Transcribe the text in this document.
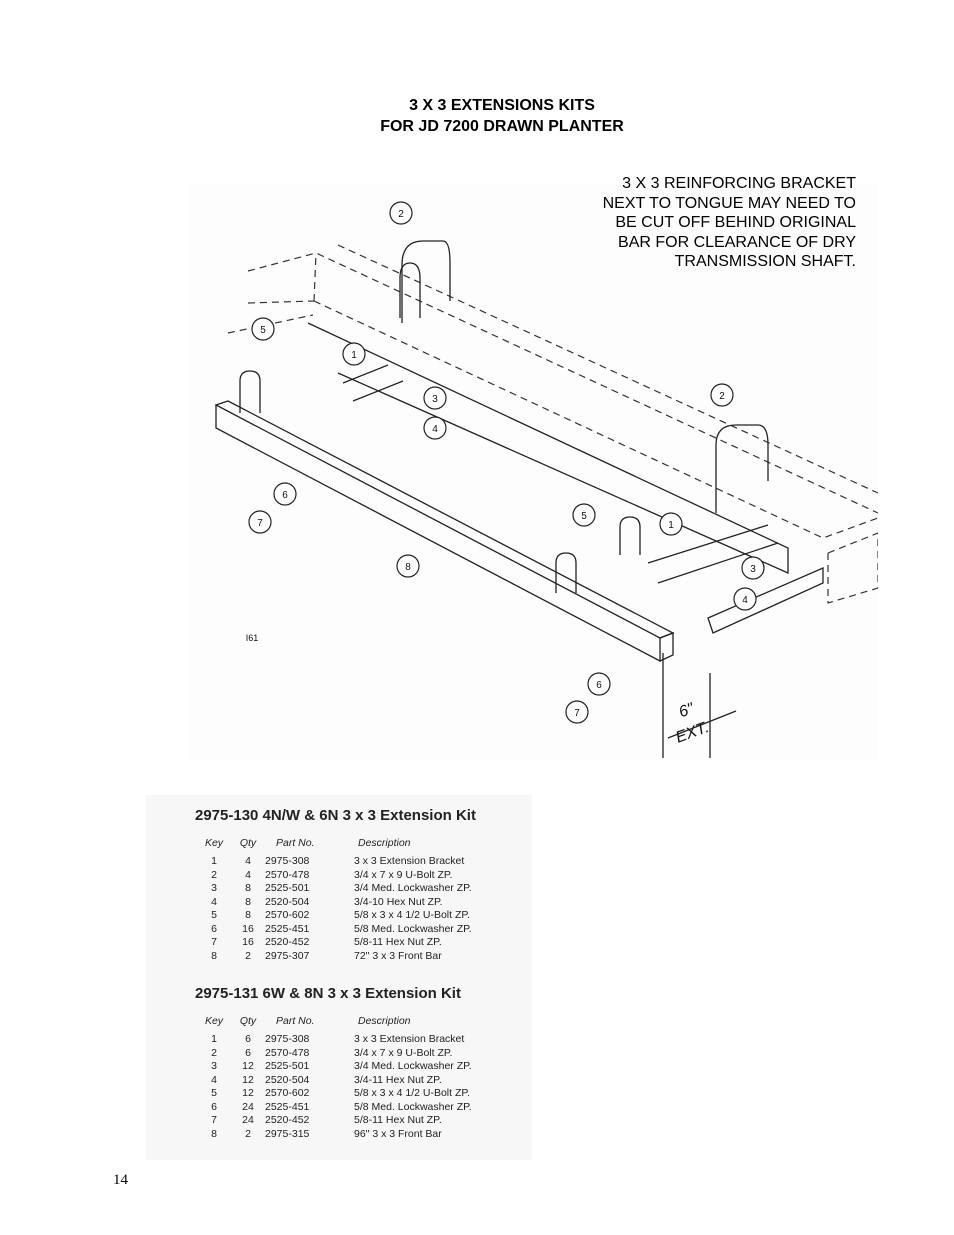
3 X 3 EXTENSIONS KITS
FOR JD 7200 DRAWN PLANTER
2
5
1
3
4
6
7
8
2
5
1
3
4
6
7
I61
6"
EXT.
3 X 3 REINFORCING BRACKET
NEXT TO TONGUE MAY NEED TO
BE CUT OFF BEHIND ORIGINAL
BAR FOR CLEARANCE OF DRY
TRANSMISSION SHAFT.
2975-130 4N/W & 6N 3 x 3 Extension Kit
Key	Qty	Part No.	Description
1	4	2975-308	3 x 3 Extension Bracket
2	4	2570-478	3/4 x 7 x 9 U-Bolt ZP.
3	8	2525-501	3/4 Med. Lockwasher ZP.
4	8	2520-504	3/4-10 Hex Nut ZP.
5	8	2570-602	5/8 x 3 x 4 1/2 U-Bolt ZP.
6	16	2525-451	5/8 Med. Lockwasher ZP.
7	16	2520-452	5/8-11 Hex Nut ZP.
8	2	2975-307	72" 3 x 3 Front Bar
2975-131 6W & 8N 3 x 3 Extension Kit
Key	Qty	Part No.	Description
1	6	2975-308	3 x 3 Extension Bracket
2	6	2570-478	3/4 x 7 x 9 U-Bolt ZP.
3	12	2525-501	3/4 Med. Lockwasher ZP.
4	12	2520-504	3/4-11 Hex Nut ZP.
5	12	2570-602	5/8 x 3 x 4 1/2 U-Bolt ZP.
6	24	2525-451	5/8 Med. Lockwasher ZP.
7	24	2520-452	5/8-11 Hex Nut ZP.
8	2	2975-315	96" 3 x 3 Front Bar
14
